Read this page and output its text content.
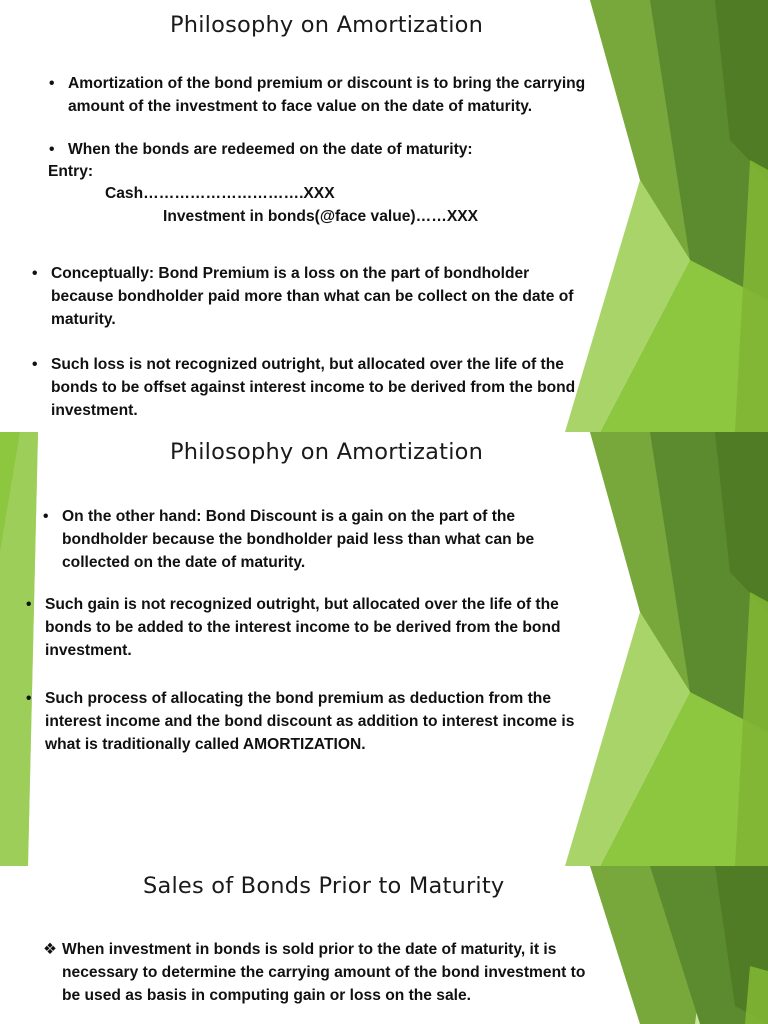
Philosophy on Amortization
• Amortization of the bond premium or discount is to bring the carrying
amount of the investment to face value on the date of maturity.
• When the bonds are redeemed on the date of maturity:
Entry:
Cash………………………….XXX
Investment in bonds(@face value)……XXX
• Conceptually: Bond Premium is a loss on the part of bondholder
because bondholder paid more than what can be collect on the date of
maturity.
• Such loss is not recognized outright, but allocated over the life of the
bonds to be offset against interest income to be derived from the bond
investment.
Philosophy on Amortization
• On the other hand: Bond Discount is a gain on the part of the
bondholder because the bondholder paid less than what can be
collected on the date of maturity.
• Such gain is not recognized outright, but allocated over the life of the
bonds to be added to the interest income to be derived from the bond
investment.
• Such process of allocating the bond premium as deduction from the
interest income and the bond discount as addition to interest income is
what is traditionally called AMORTIZATION.
Sales of Bonds Prior to Maturity
❖ When investment in bonds is sold prior to the date of maturity, it is
necessary to determine the carrying amount of the bond investment to
be used as basis in computing gain or loss on the sale.
